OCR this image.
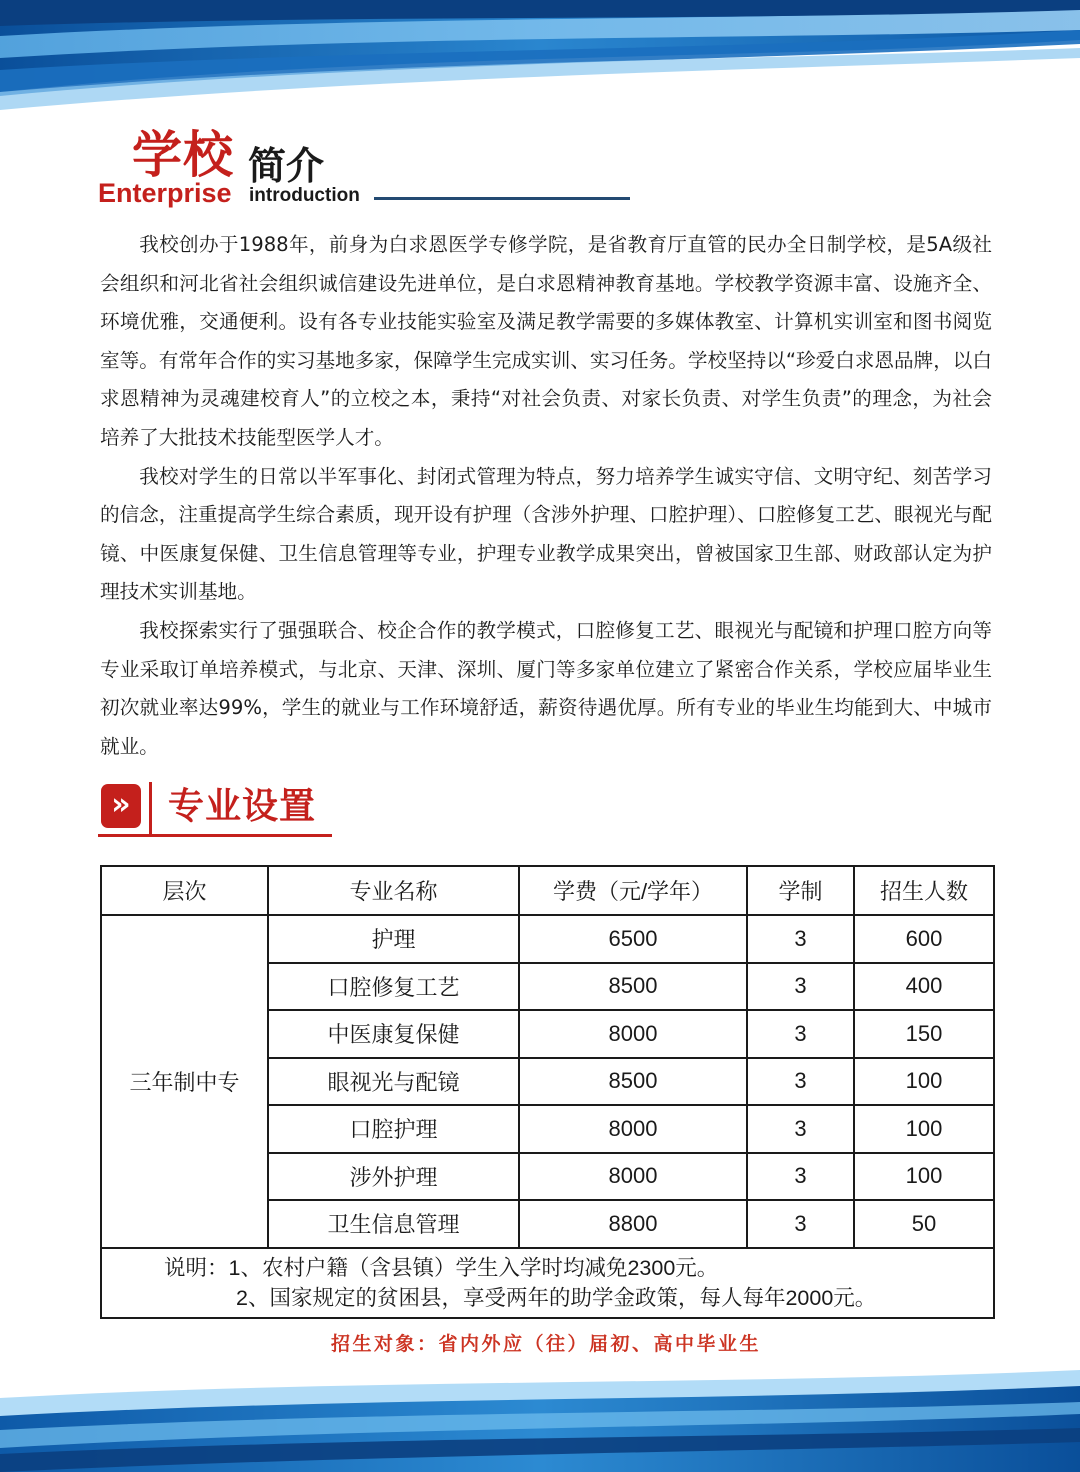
学校 简介
Enterprise introduction

我校创办于1988年，前身为白求恩医学专修学院，是省教育厅直管的民办全日制学校，是5A级社会组织和河北省社会组织诚信建设先进单位，是白求恩精神教育基地。学校教学资源丰富、设施齐全、环境优雅，交通便利。设有各专业技能实验室及满足教学需要的多媒体教室、计算机实训室和图书阅览室等。有常年合作的实习基地多家，保障学生完成实训、实习任务。学校坚持以“珍爱白求恩品牌，以白求恩精神为灵魂建校育人”的立校之本，秉持“对社会负责、对家长负责、对学生负责”的理念，为社会培养了大批技术技能型医学人才。

我校对学生的日常以半军事化、封闭式管理为特点，努力培养学生诚实守信、文明守纪、刻苦学习的信念，注重提高学生综合素质，现开设有护理（含涉外护理、口腔护理）、口腔修复工艺、眼视光与配镜、中医康复保健、卫生信息管理等专业，护理专业教学成果突出，曾被国家卫生部、财政部认定为护理技术实训基地。

我校探索实行了强强联合、校企合作的教学模式，口腔修复工艺、眼视光与配镜和护理口腔方向等专业采取订单培养模式，与北京、天津、深圳、厦门等多家单位建立了紧密合作关系，学校应届毕业生初次就业率达99%，学生的就业与工作环境舒适，薪资待遇优厚。所有专业的毕业生均能到大、中城市就业。

» 专业设置
层次	专业名称	学费（元/学年）	学制	招生人数
三年制中专	护理	6500	3	600
	口腔修复工艺	8500	3	400
	中医康复保健	8000	3	150
	眼视光与配镜	8500	3	100
	口腔护理	8000	3	100
	涉外护理	8000	3	100
	卫生信息管理	8800	3	50

说明：1、农村户籍（含县镇）学生入学时均减免2300元。
2、国家规定的贫困县，享受两年的助学金政策，每人每年2000元。				
招生对象：省内外应（往）届初、高中毕业生
